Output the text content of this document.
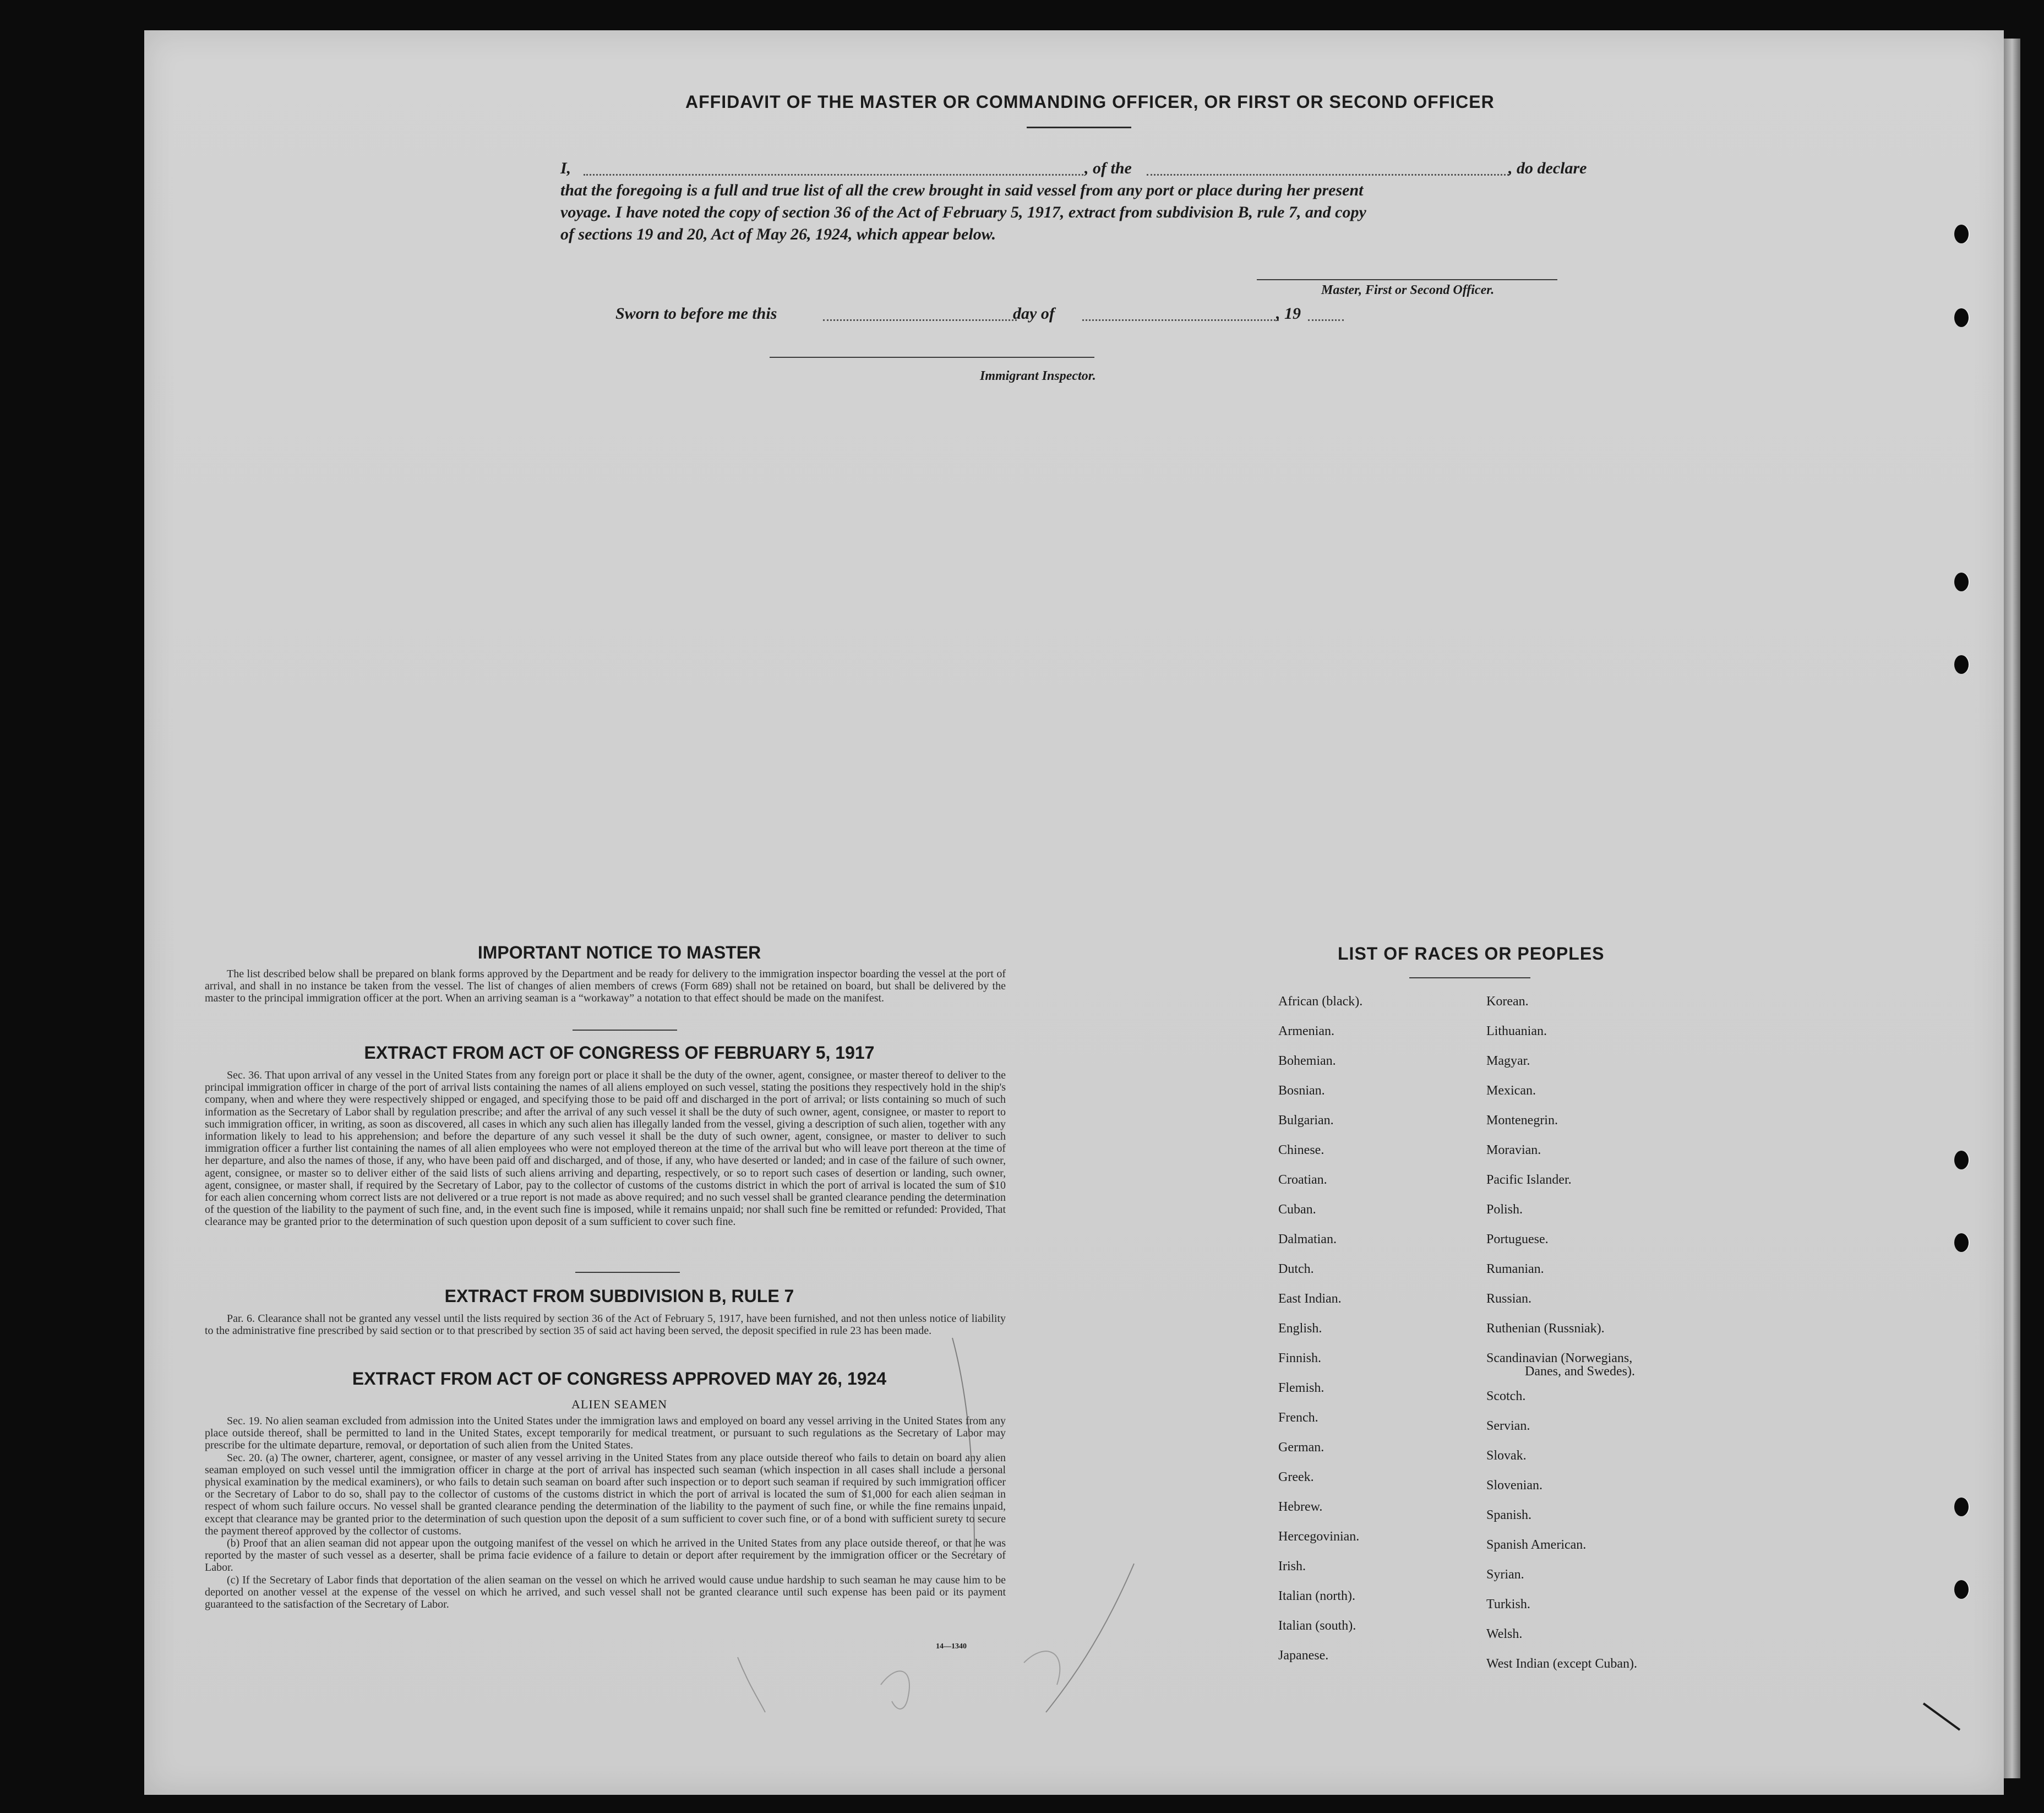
AFFIDAVIT OF THE MASTER OR COMMANDING OFFICER, OR FIRST OR SECOND OFFICER
I,	, of the	, do declare
that the foregoing is a full and true list of all the crew brought in said vessel from any port or place during her present
voyage. I have noted the copy of section 36 of the Act of February 5, 1917, extract from subdivision B, rule 7, and copy
of sections 19 and 20, Act of May 26, 1924, which appear below.
Master, First or Second Officer.
Sworn to before me this	day of	, 19
Immigrant Inspector.
IMPORTANT NOTICE TO MASTER
The list described below shall be prepared on blank forms approved by the Department and be ready for delivery to the immigration inspector boarding the vessel at the port of arrival, and shall in no instance be taken from the vessel. The list of changes of alien members of crews (Form 689) shall not be retained on board, but shall be delivered by the master to the principal immigration officer at the port. When an arriving seaman is a “workaway” a notation to that effect should be made on the manifest.
EXTRACT FROM ACT OF CONGRESS OF FEBRUARY 5, 1917
Sec. 36. That upon arrival of any vessel in the United States from any foreign port or place it shall be the duty of the owner, agent, consignee, or master thereof to deliver to the principal immigration officer in charge of the port of arrival lists containing the names of all aliens employed on such vessel, stating the positions they respectively hold in the ship's company, when and where they were respectively shipped or engaged, and specifying those to be paid off and discharged in the port of arrival; or lists containing so much of such information as the Secretary of Labor shall by regulation prescribe; and after the arrival of any such vessel it shall be the duty of such owner, agent, consignee, or master to report to such immigration officer, in writing, as soon as discovered, all cases in which any such alien has illegally landed from the vessel, giving a description of such alien, together with any information likely to lead to his apprehension; and before the departure of any such vessel it shall be the duty of such owner, agent, consignee, or master to deliver to such immigration officer a further list containing the names of all alien employees who were not employed thereon at the time of the arrival but who will leave port thereon at the time of her departure, and also the names of those, if any, who have been paid off and discharged, and of those, if any, who have deserted or landed; and in case of the failure of such owner, agent, consignee, or master so to deliver either of the said lists of such aliens arriving and departing, respectively, or so to report such cases of desertion or landing, such owner, agent, consignee, or master shall, if required by the Secretary of Labor, pay to the collector of customs of the customs district in which the port of arrival is located the sum of $10 for each alien concerning whom correct lists are not delivered or a true report is not made as above required; and no such vessel shall be granted clearance pending the determination of the question of the liability to the payment of such fine, and, in the event such fine is imposed, while it remains unpaid; nor shall such fine be remitted or refunded: Provided, That clearance may be granted prior to the determination of such question upon deposit of a sum sufficient to cover such fine.
EXTRACT FROM SUBDIVISION B, RULE 7
Par. 6. Clearance shall not be granted any vessel until the lists required by section 36 of the Act of February 5, 1917, have been furnished, and not then unless notice of liability to the administrative fine prescribed by said section or to that prescribed by section 35 of said act having been served, the deposit specified in rule 23 has been made.
EXTRACT FROM ACT OF CONGRESS APPROVED MAY 26, 1924
ALIEN SEAMEN
Sec. 19. No alien seaman excluded from admission into the United States under the immigration laws and employed on board any vessel arriving in the United States from any place outside thereof, shall be permitted to land in the United States, except temporarily for medical treatment, or pursuant to such regulations as the Secretary of Labor may prescribe for the ultimate departure, removal, or deportation of such alien from the United States.
Sec. 20. (a) The owner, charterer, agent, consignee, or master of any vessel arriving in the United States from any place outside thereof who fails to detain on board any alien seaman employed on such vessel until the immigration officer in charge at the port of arrival has inspected such seaman (which inspection in all cases shall include a personal physical examination by the medical examiners), or who fails to detain such seaman on board after such inspection or to deport such seaman if required by such immigration officer or the Secretary of Labor to do so, shall pay to the collector of customs of the customs district in which the port of arrival is located the sum of $1,000 for each alien seaman in respect of whom such failure occurs. No vessel shall be granted clearance pending the determination of the liability to the payment of such fine, or while the fine remains unpaid, except that clearance may be granted prior to the determination of such question upon the deposit of a sum sufficient to cover such fine, or of a bond with sufficient surety to secure the payment thereof approved by the collector of customs.
(b) Proof that an alien seaman did not appear upon the outgoing manifest of the vessel on which he arrived in the United States from any place outside thereof, or that he was reported by the master of such vessel as a deserter, shall be prima facie evidence of a failure to detain or deport after requirement by the immigration officer or the Secretary of Labor.
(c) If the Secretary of Labor finds that deportation of the alien seaman on the vessel on which he arrived would cause undue hardship to such seaman he may cause him to be deported on another vessel at the expense of the vessel on which he arrived, and such vessel shall not be granted clearance until such expense has been paid or its payment guaranteed to the satisfaction of the Secretary of Labor.
14—1340
LIST OF RACES OR PEOPLES
African (black).
Armenian.
Bohemian.
Bosnian.
Bulgarian.
Chinese.
Croatian.
Cuban.
Dalmatian.
Dutch.
East Indian.
English.
Finnish.
Flemish.
French.
German.
Greek.
Hebrew.
Hercegovinian.
Irish.
Italian (north).
Italian (south).
Japanese.
Korean.
Lithuanian.
Magyar.
Mexican.
Montenegrin.
Moravian.
Pacific Islander.
Polish.
Portuguese.
Rumanian.
Russian.
Ruthenian (Russniak).
Scandinavian (Norwegians,
Danes, and Swedes).
Scotch.
Servian.
Slovak.
Slovenian.
Spanish.
Spanish American.
Syrian.
Turkish.
Welsh.
West Indian (except Cuban).
